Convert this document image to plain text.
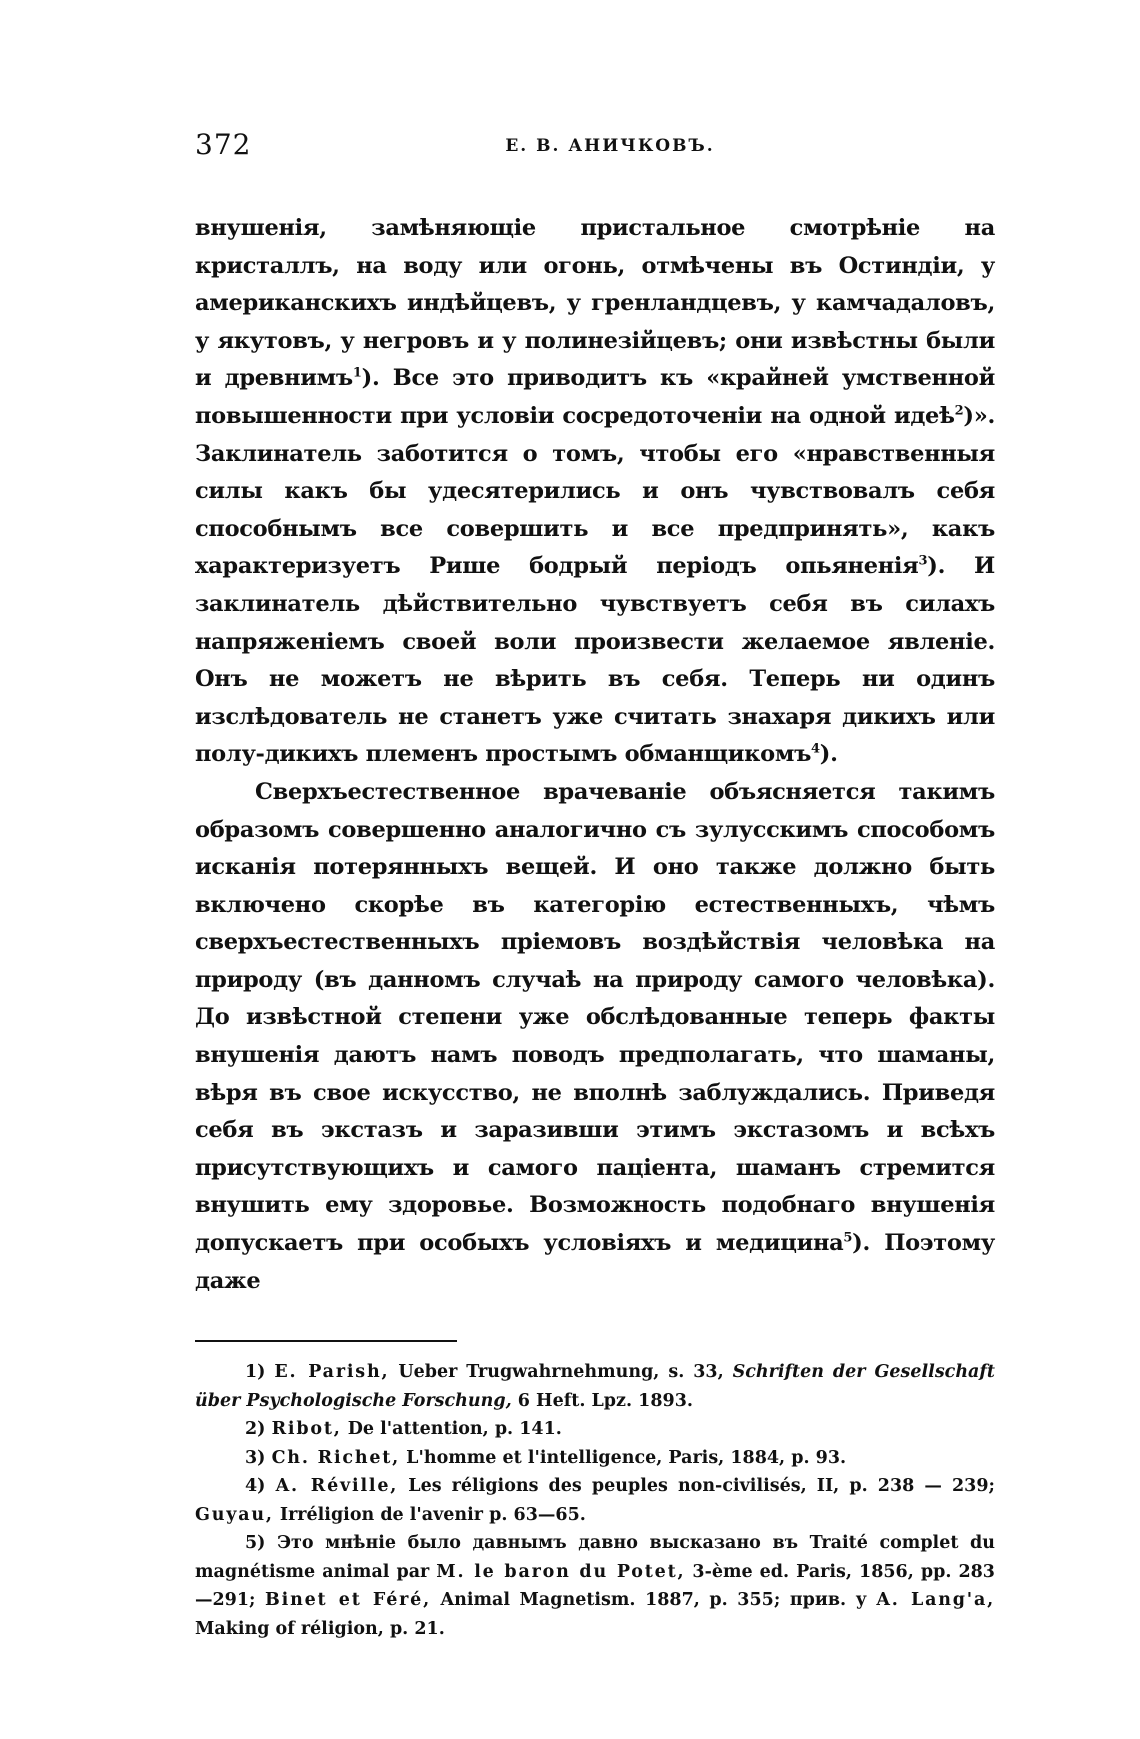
372	Е. В. АНИЧКОВЪ.

внушенія, замѣняющіе пристальное смотрѣніе на кристаллъ, на воду или огонь, отмѣчены въ Остиндіи, у американскихъ индѣйцевъ, у гренландцевъ, у камчадаловъ, у якутовъ, у негровъ и у полинезійцевъ; они извѣстны были и древнимъ$^1$). Все это приводитъ къ «крайней умственной повышенности при условіи сосредоточеніи на одной идеѣ$^2$)». Заклинатель заботится о томъ, чтобы его «нравственныя силы какъ бы удесятерились и онъ чувствовалъ себя способнымъ все совершить и все предпринять», какъ характеризуетъ Рише бодрый періодъ опьяненія$^3$). И заклинатель дѣйствительно чувствуетъ себя въ силахъ напряженіемъ своей воли произвести желаемое явленіе. Онъ не можетъ не вѣрить въ себя. Теперь ни одинъ изслѣдователь не станетъ уже считать знахаря дикихъ или полу-дикихъ племенъ простымъ обманщикомъ$^4$).

Сверхъестественное врачеваніе объясняется такимъ образомъ совершенно аналогично съ зулусскимъ способомъ исканія потерянныхъ вещей. И оно также должно быть включено скорѣе въ категорію естественныхъ, чѣмъ сверхъестественныхъ пріемовъ воздѣйствія человѣка на природу (въ данномъ случаѣ на природу самого человѣка). До извѣстной степени уже обслѣдованные теперь факты внушенія даютъ намъ поводъ предполагать, что шаманы, вѣря въ свое искусство, не вполнѣ заблуждались. Приведя себя въ экстазъ и заразивши этимъ экстазомъ и всѣхъ присутствующихъ и самого паціента, шаманъ стремится внушить ему здоровье. Возможность подобнаго внушенія допускаетъ при особыхъ условіяхъ и медицина$^5$). Поэтому даже

1) E. Parish, Ueber Trugwahrnehmung, s. 33, Schriften der Gesellschaft über Psychologische Forschung, 6 Heft. Lpz. 1893.

2) Ribot, De l'attention, p. 141.

3) Ch. Richet, L'homme et l'intelligence, Paris, 1884, p. 93.

4) A. Réville, Les réligions des peuples non-civilisés, II, p. 238 — 239; Guyau, Irréligion de l'avenir p. 63—65.

5) Это мнѣніе было давнымъ давно высказано въ Traité complet du magnétisme animal par M. le baron du Potet, 3-ème ed. Paris, 1856, pp. 283—291; Binet et Féré, Animal Magnetism. 1887, p. 355; прив. у A. Lang'a, Making of réligion, p. 21.
